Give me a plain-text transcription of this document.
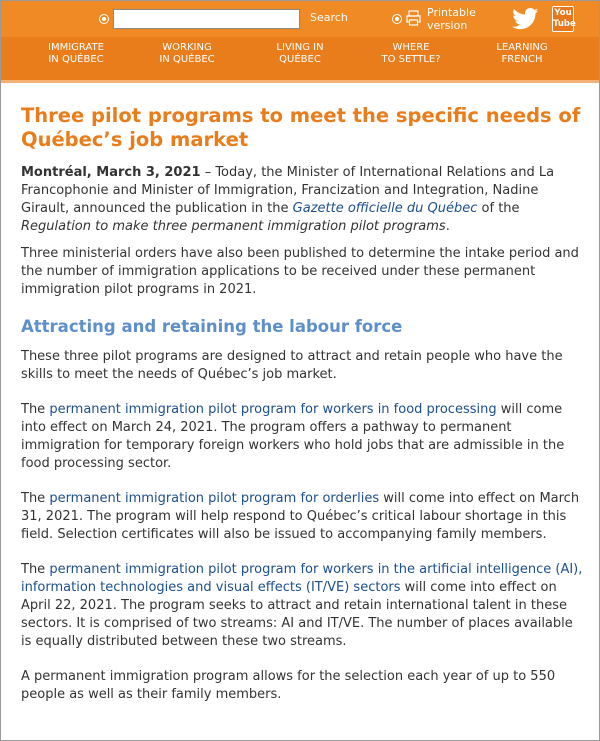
Search	Printable version
You
Tube
IMMIGRATE
IN QUÉBEC
WORKING
IN QUÉBEC
LIVING IN
QUÉBEC
WHERE
TO SETTLE?
LEARNING
FRENCH
Three pilot programs to meet the specific needs of Québec’s job market

Montréal, March 3, 2021 – Today, the Minister of International Relations and La Francophonie and Minister of Immigration, Francization and Integration, Nadine Girault, announced the publication in the Gazette officielle du Québec of the Regulation to make three permanent immigration pilot programs.

Three ministerial orders have also been published to determine the intake period and the number of immigration applications to be received under these permanent immigration pilot programs in 2021.

Attracting and retaining the labour force

These three pilot programs are designed to attract and retain people who have the skills to meet the needs of Québec’s job market.

The permanent immigration pilot program for workers in food processing will come into effect on March 24, 2021. The program offers a pathway to permanent immigration for temporary foreign workers who hold jobs that are admissible in the food processing sector.

The permanent immigration pilot program for orderlies will come into effect on March 31, 2021. The program will help respond to Québec’s critical labour shortage in this field. Selection certificates will also be issued to accompanying family members.

The permanent immigration pilot program for workers in the artificial intelligence (AI), information technologies and visual effects (IT/VE) sectors will come into effect on April 22, 2021. The program seeks to attract and retain international talent in these sectors. It is comprised of two streams: AI and IT/VE. The number of places available is equally distributed between these two streams.

A permanent immigration program allows for the selection each year of up to 550 people as well as their family members.
